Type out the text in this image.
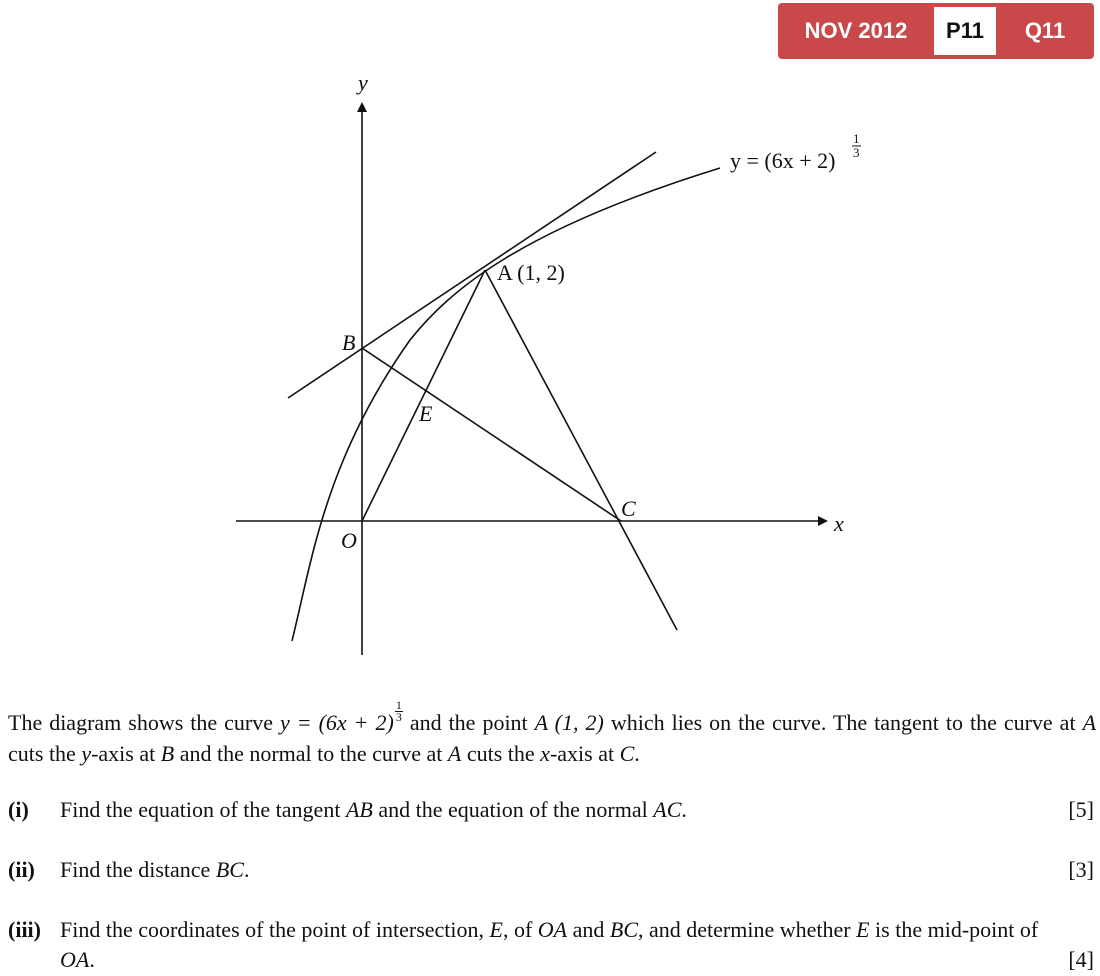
NOV 2012	P11	Q11
y
x
O
A (1, 2)
B
C
E
y = (6x + 2)
1
3
The diagram shows the curve $y = (6x + 2) \frac{1}{3}$ and the point A (1, 2) which lies on the curve. The tangent to the curve at A cuts the y-axis at B and the normal to the curve at A cuts the x-axis at C.
(i) Find the equation of the tangent AB and the equation of the normal AC.	[5]
(ii) Find the distance BC.	[3]
(iii) Find the coordinates of the point of intersection, E, of OA and BC, and determine whether E is the mid-point of OA.	[4]
